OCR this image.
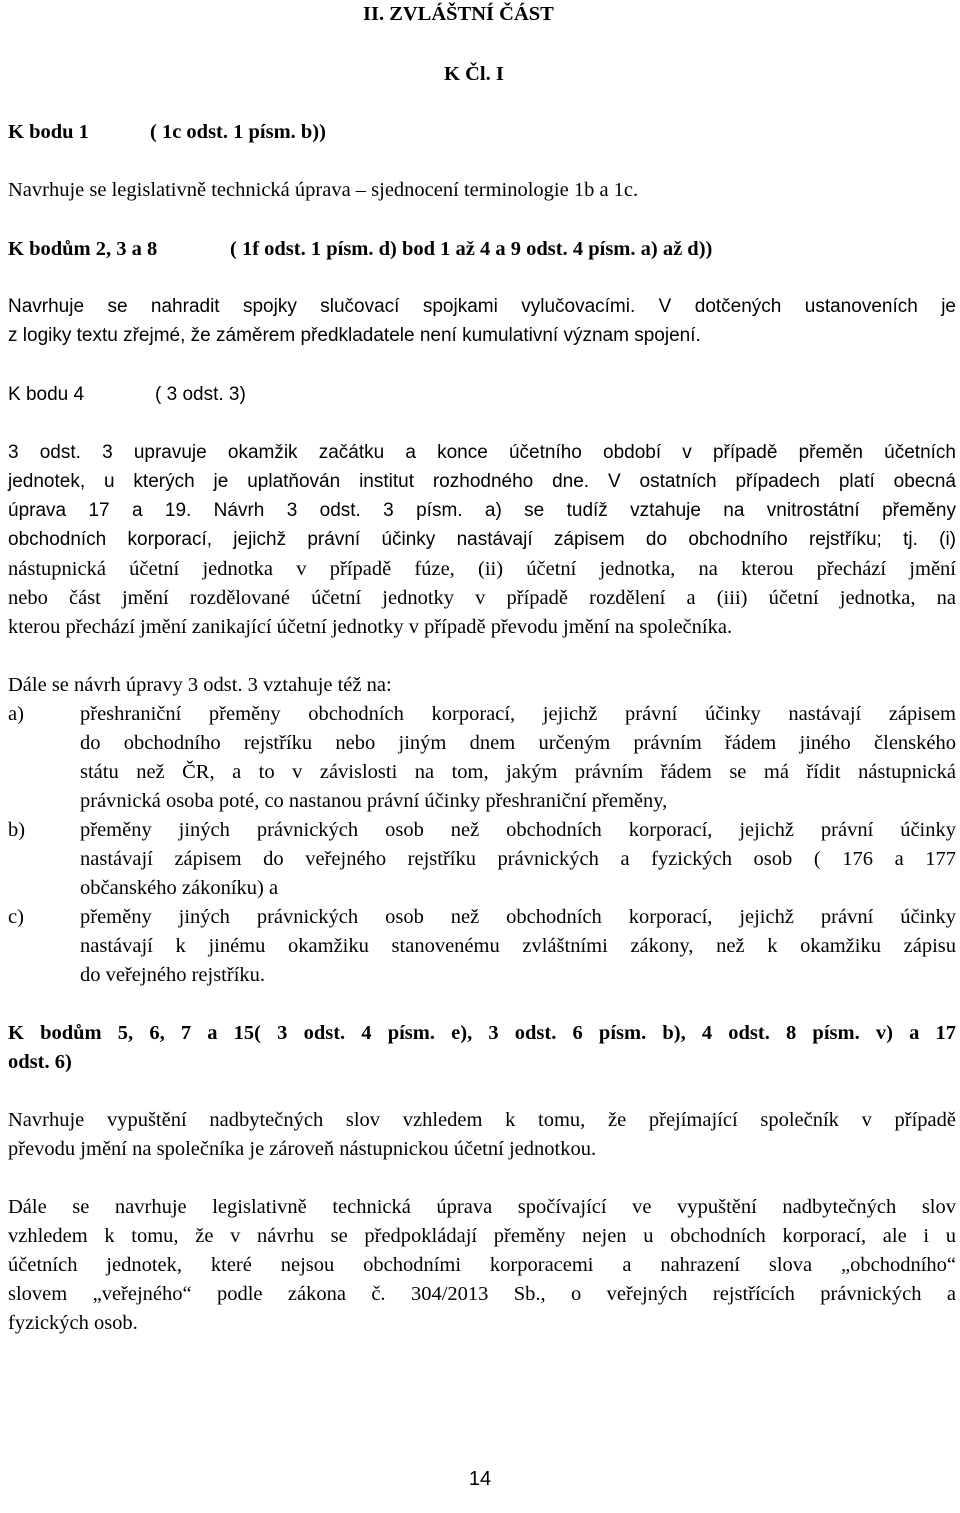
II. ZVLÁŠTNÍ ČÁST
K Čl. I
K bodu 1	( 1c odst. 1 písm. b))
Navrhuje se legislativně technická úprava – sjednocení terminologie 1b a 1c.
K bodům 2, 3 a 8	( 1f odst. 1 písm. d) bod 1 až 4 a 9 odst. 4 písm. a) až d))
Navrhuje se nahradit spojky slučovací spojkami vylučovacími. V dotčených ustanoveních je
z logiky textu zřejmé, že záměrem předkladatele není kumulativní význam spojení.
K bodu 4	( 3 odst. 3)
3 odst. 3 upravuje okamžik začátku a konce účetního období v případě přeměn účetních
jednotek, u kterých je uplatňován institut rozhodného dne. V ostatních případech platí obecná
úprava 17 a 19. Návrh 3 odst. 3 písm. a) se tudíž vztahuje na vnitrostátní přeměny
obchodních korporací, jejichž právní účinky nastávají zápisem do obchodního rejstříku; tj. (i)
nástupnická účetní jednotka v případě fúze, (ii) účetní jednotka, na kterou přechází jmění
nebo část jmění rozdělované účetní jednotky v případě rozdělení a (iii) účetní jednotka, na
kterou přechází jmění zanikající účetní jednotky v případě převodu jmění na společníka.
Dále se návrh úpravy 3 odst. 3 vztahuje též na:
a)	přeshraniční přeměny obchodních korporací, jejichž právní účinky nastávají zápisem
do obchodního rejstříku nebo jiným dnem určeným právním řádem jiného členského
státu než ČR, a to v závislosti na tom, jakým právním řádem se má řídit nástupnická
právnická osoba poté, co nastanou právní účinky přeshraniční přeměny,
b)	přeměny jiných právnických osob než obchodních korporací, jejichž právní účinky
nastávají zápisem do veřejného rejstříku právnických a fyzických osob ( 176 a 177
občanského zákoníku) a
c)	přeměny jiných právnických osob než obchodních korporací, jejichž právní účinky
nastávají k jinému okamžiku stanovenému zvláštními zákony, než k okamžiku zápisu
do veřejného rejstříku.
K bodům 5, 6, 7 a 15( 3 odst. 4 písm. e), 3 odst. 6 písm. b), 4 odst. 8 písm. v) a 17
odst. 6)
Navrhuje vypuštění nadbytečných slov vzhledem k tomu, že přejímající společník v případě
převodu jmění na společníka je zároveň nástupnickou účetní jednotkou.
Dále se navrhuje legislativně technická úprava spočívající ve vypuštění nadbytečných slov
vzhledem k tomu, že v návrhu se předpokládají přeměny nejen u obchodních korporací, ale i u
účetních jednotek, které nejsou obchodními korporacemi a nahrazení slova „obchodního“
slovem „veřejného“ podle zákona č. 304/2013 Sb., o veřejných rejstřících právnických a
fyzických osob.
14
